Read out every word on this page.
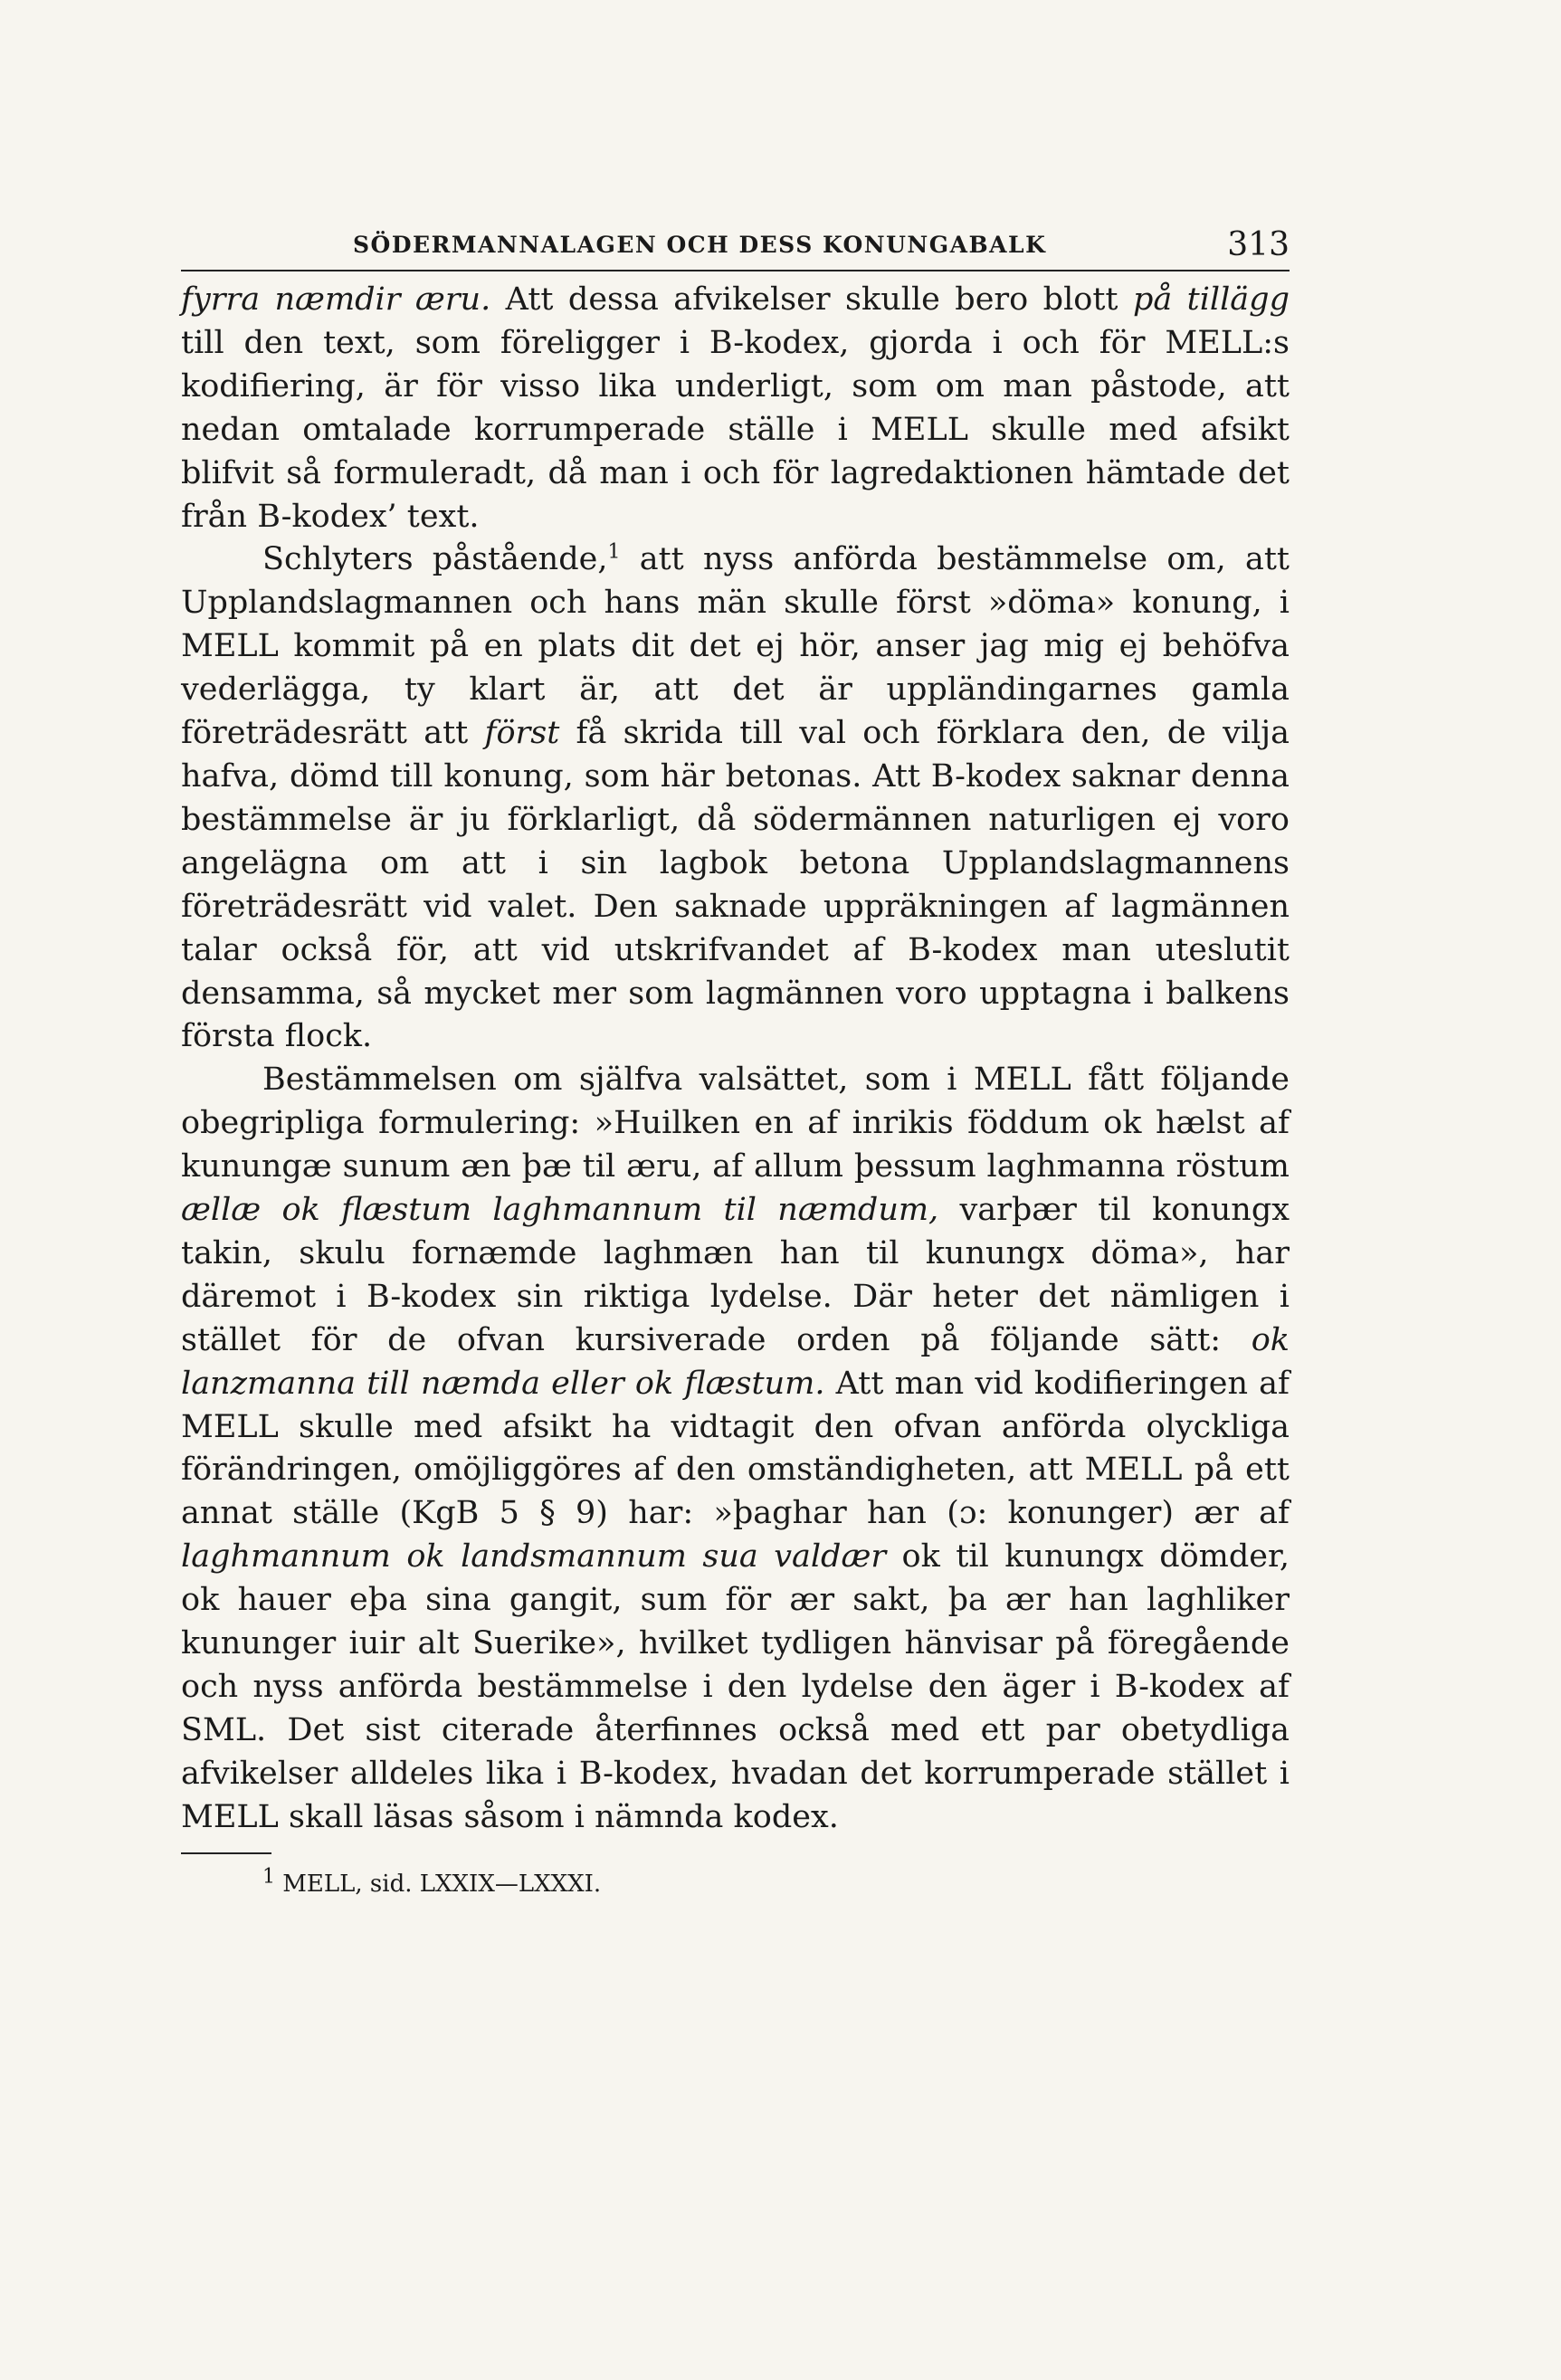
SÖDERMANNALAGEN OCH DESS KONUNGABALK	313

fyrra næmdir æru. Att dessa afvikelser skulle bero blott på tillägg till den text, som föreligger i B-kodex, gjorda i och för MELL:s kodifiering, är för visso lika underligt, som om man påstode, att nedan omtalade korrumperade ställe i MELL skulle med afsikt blifvit så formuleradt, då man i och för lagredaktionen hämtade det från B-kodex’ text.

Schlyters påstående,$^1$ att nyss anförda bestämmelse om, att Upplandslagmannen och hans män skulle först »döma» konung, i MELL kommit på en plats dit det ej hör, anser jag mig ej behöfva vederlägga, ty klart är, att det är uppländingarnes gamla företrädesrätt att först få skrida till val och förklara den, de vilja hafva, dömd till konung, som här betonas. Att B-kodex saknar denna bestämmelse är ju förklarligt, då södermännen naturligen ej voro angelägna om att i sin lagbok betona Upplandslagmannens företrädesrätt vid valet. Den saknade uppräkningen af lagmännen talar också för, att vid utskrifvandet af B-kodex man uteslutit densamma, så mycket mer som lagmännen voro upptagna i balkens första flock.

Bestämmelsen om själfva valsättet, som i MELL fått följande obegripliga formulering: »Huilken en af inrikis föddum ok hælst af kunungæ sunum æn þæ til æru, af allum þessum laghmanna röstum ællæ ok flæstum laghmannum til næmdum, varþær til konungx takin, skulu fornæmde laghmæn han til kunungx döma», har däremot i B-kodex sin riktiga lydelse. Där heter det nämligen i stället för de ofvan kursiverade orden på följande sätt: ok lanzmanna till næmda eller ok flæstum. Att man vid kodifieringen af MELL skulle med afsikt ha vidtagit den ofvan anförda olyckliga förändringen, omöjliggöres af den omständigheten, att MELL på ett annat ställe (KgB 5 § 9) har: »þaghar han (ɔ: konunger) ær af laghmannum ok landsmannum sua valdær ok til kunungx dömder, ok hauer eþa sina gangit, sum för ær sakt, þa ær han laghliker kununger iuir alt Suerike», hvilket tydligen hänvisar på föregående och nyss anförda bestämmelse i den lydelse den äger i B-kodex af SML. Det sist citerade återfinnes också med ett par obetydliga afvikelser alldeles lika i B-kodex, hvadan det korrumperade stället i MELL skall läsas såsom i nämnda kodex.

$^1$ MELL, sid. LXXIX—LXXXI.
